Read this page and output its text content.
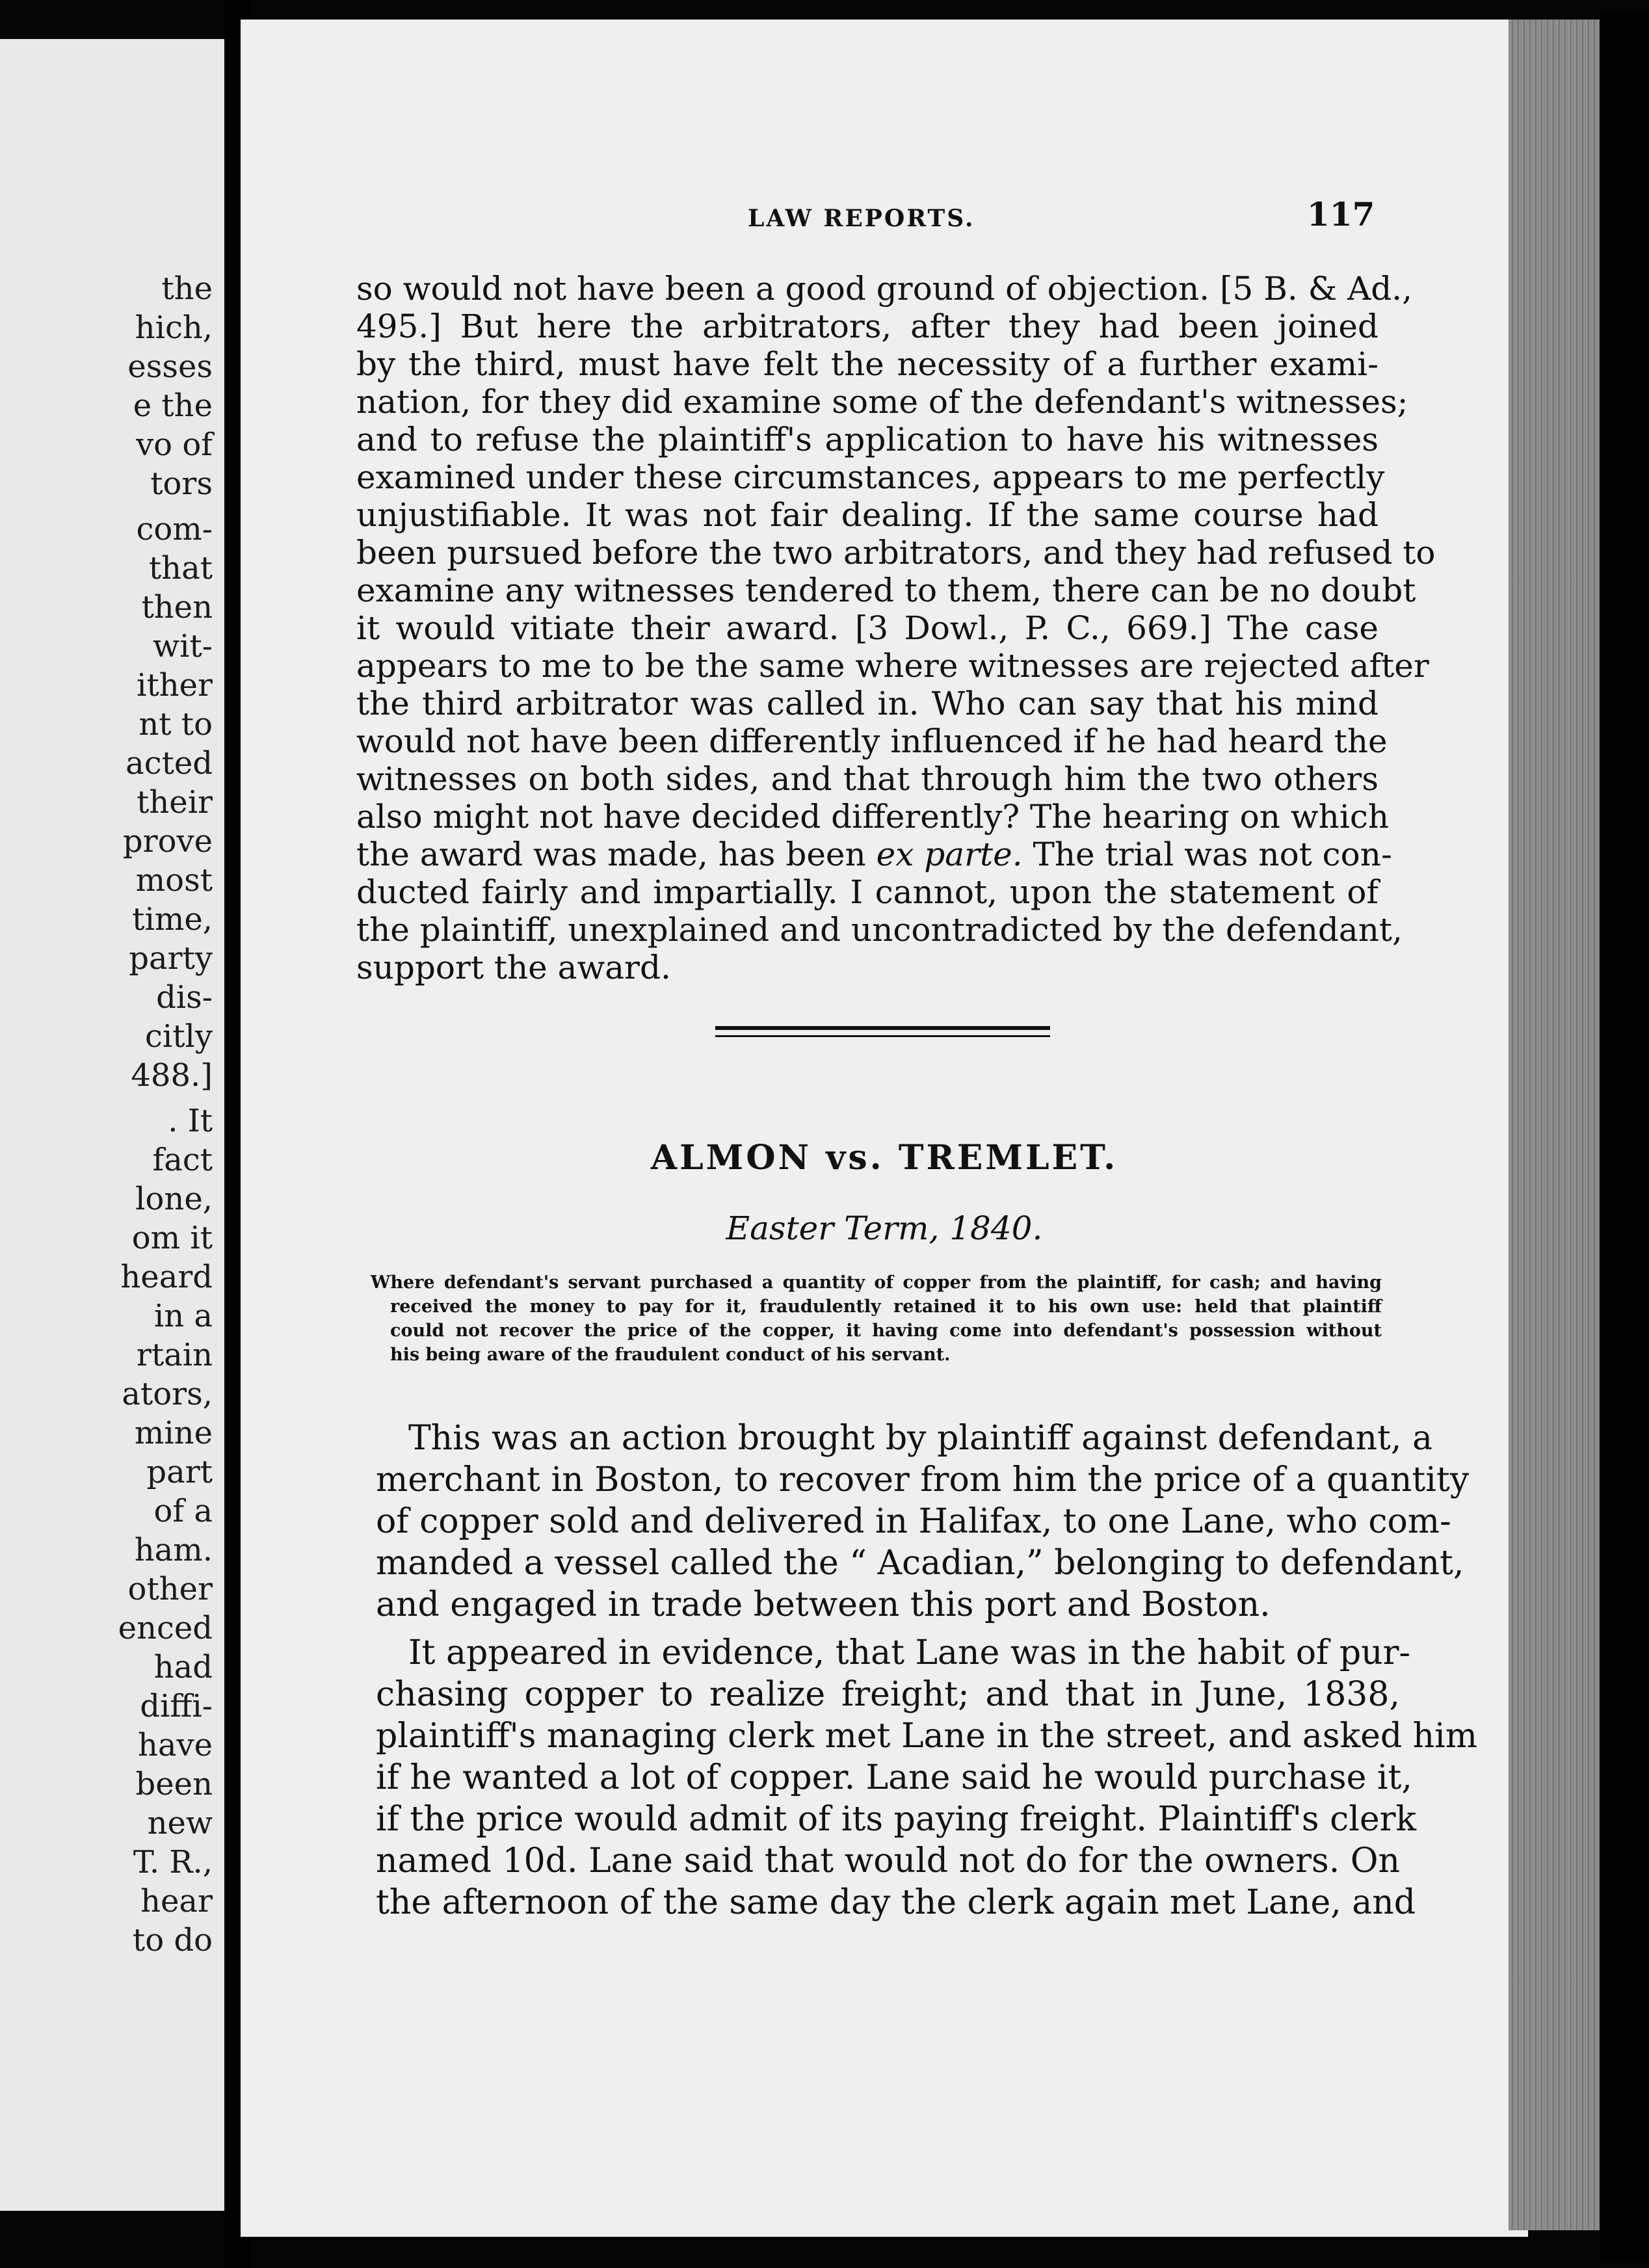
the
hich,
esses
e the
vo of
tors
com-
that
then
wit-
ither
nt to
acted
their
prove
most
time,
party
dis-
citly
488.]
. It
fact
lone,
om it
heard
in a
rtain
ators,
mine
part
of a
ham.
other
enced
had
diffi-
have
been
new
T. R.,
hear
to do
LAW REPORTS.	117
so would not have been a good ground of objection. [5 B. & Ad.,
495.] But here the arbitrators, after they had been joined
by the third, must have felt the necessity of a further exami-
nation, for they did examine some of the defendant's witnesses;
and to refuse the plaintiff's application to have his witnesses
examined under these circumstances, appears to me perfectly
unjustifiable. It was not fair dealing. If the same course had
been pursued before the two arbitrators, and they had refused to
examine any witnesses tendered to them, there can be no doubt
it would vitiate their award. [3 Dowl., P. C., 669.] The case
appears to me to be the same where witnesses are rejected after
the third arbitrator was called in. Who can say that his mind
would not have been differently influenced if he had heard the
witnesses on both sides, and that through him the two others
also might not have decided differently? The hearing on which
the award was made, has been ex parte. The trial was not con-
ducted fairly and impartially. I cannot, upon the statement of
the plaintiff, unexplained and uncontradicted by the defendant,
support the award.
ALMON vs. TREMLET.
Easter Term, 1840.
Where defendant's servant purchased a quantity of copper from the plaintiff, for cash; and having
received the money to pay for it, fraudulently retained it to his own use: held that plaintiff
could not recover the price of the copper, it having come into defendant's possession without
his being aware of the fraudulent conduct of his servant.
This was an action brought by plaintiff against defendant, a
merchant in Boston, to recover from him the price of a quantity
of copper sold and delivered in Halifax, to one Lane, who com-
manded a vessel called the “ Acadian,” belonging to defendant,
and engaged in trade between this port and Boston.
It appeared in evidence, that Lane was in the habit of pur-
chasing copper to realize freight; and that in June, 1838,
plaintiff's managing clerk met Lane in the street, and asked him
if he wanted a lot of copper. Lane said he would purchase it,
if the price would admit of its paying freight. Plaintiff's clerk
named 10d. Lane said that would not do for the owners. On
the afternoon of the same day the clerk again met Lane, and
